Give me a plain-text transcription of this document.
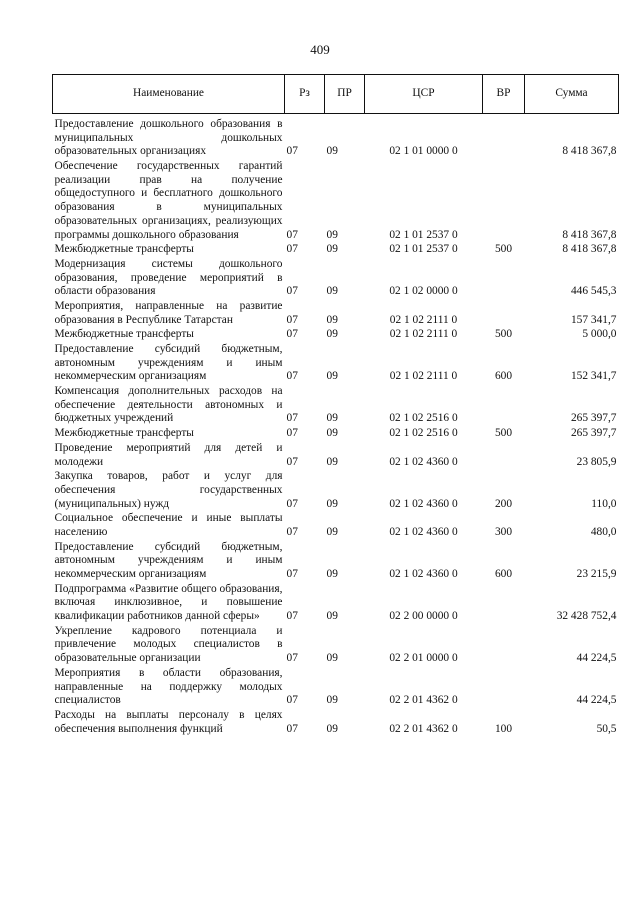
409
Наименование	Рз	ПР	ЦСР	ВР	Сумма
Предоставление дошкольного образования в муниципальных дошкольных образовательных организациях	07	09	02 1 01 0000 0		8 418 367,8
Обеспечение государственных гарантий реализации прав на получение общедоступного и бесплатного дошкольного образования в муниципальных образовательных организациях, реализующих программы дошкольного образования	07	09	02 1 01 2537 0		8 418 367,8
Межбюджетные трансферты	07	09	02 1 01 2537 0	500	8 418 367,8
Модернизация системы дошкольного образования, проведение мероприятий в области образования	07	09	02 1 02 0000 0		446 545,3
Мероприятия, направленные на развитие образования в Республике Татарстан	07	09	02 1 02 2111 0		157 341,7
Межбюджетные трансферты	07	09	02 1 02 2111 0	500	5 000,0
Предоставление субсидий бюджетным, автономным учреждениям и иным некоммерческим организациям	07	09	02 1 02 2111 0	600	152 341,7
Компенсация дополнительных расходов на обеспечение деятельности автономных и бюджетных учреждений	07	09	02 1 02 2516 0		265 397,7
Межбюджетные трансферты	07	09	02 1 02 2516 0	500	265 397,7
Проведение мероприятий для детей и молодежи	07	09	02 1 02 4360 0		23 805,9
Закупка товаров, работ и услуг для обеспечения государственных (муниципальных) нужд	07	09	02 1 02 4360 0	200	110,0
Социальное обеспечение и иные выплаты населению	07	09	02 1 02 4360 0	300	480,0
Предоставление субсидий бюджетным, автономным учреждениям и иным некоммерческим организациям	07	09	02 1 02 4360 0	600	23 215,9
Подпрограмма «Развитие общего образования, включая инклюзивное, и повышение квалификации работников данной сферы»	07	09	02 2 00 0000 0		32 428 752,4
Укрепление кадрового потенциала и привлечение молодых специалистов в образовательные организации	07	09	02 2 01 0000 0		44 224,5
Мероприятия в области образования, направленные на поддержку молодых специалистов	07	09	02 2 01 4362 0		44 224,5
Расходы на выплаты персоналу в целях обеспечения выполнения функций	07	09	02 2 01 4362 0	100	50,5
